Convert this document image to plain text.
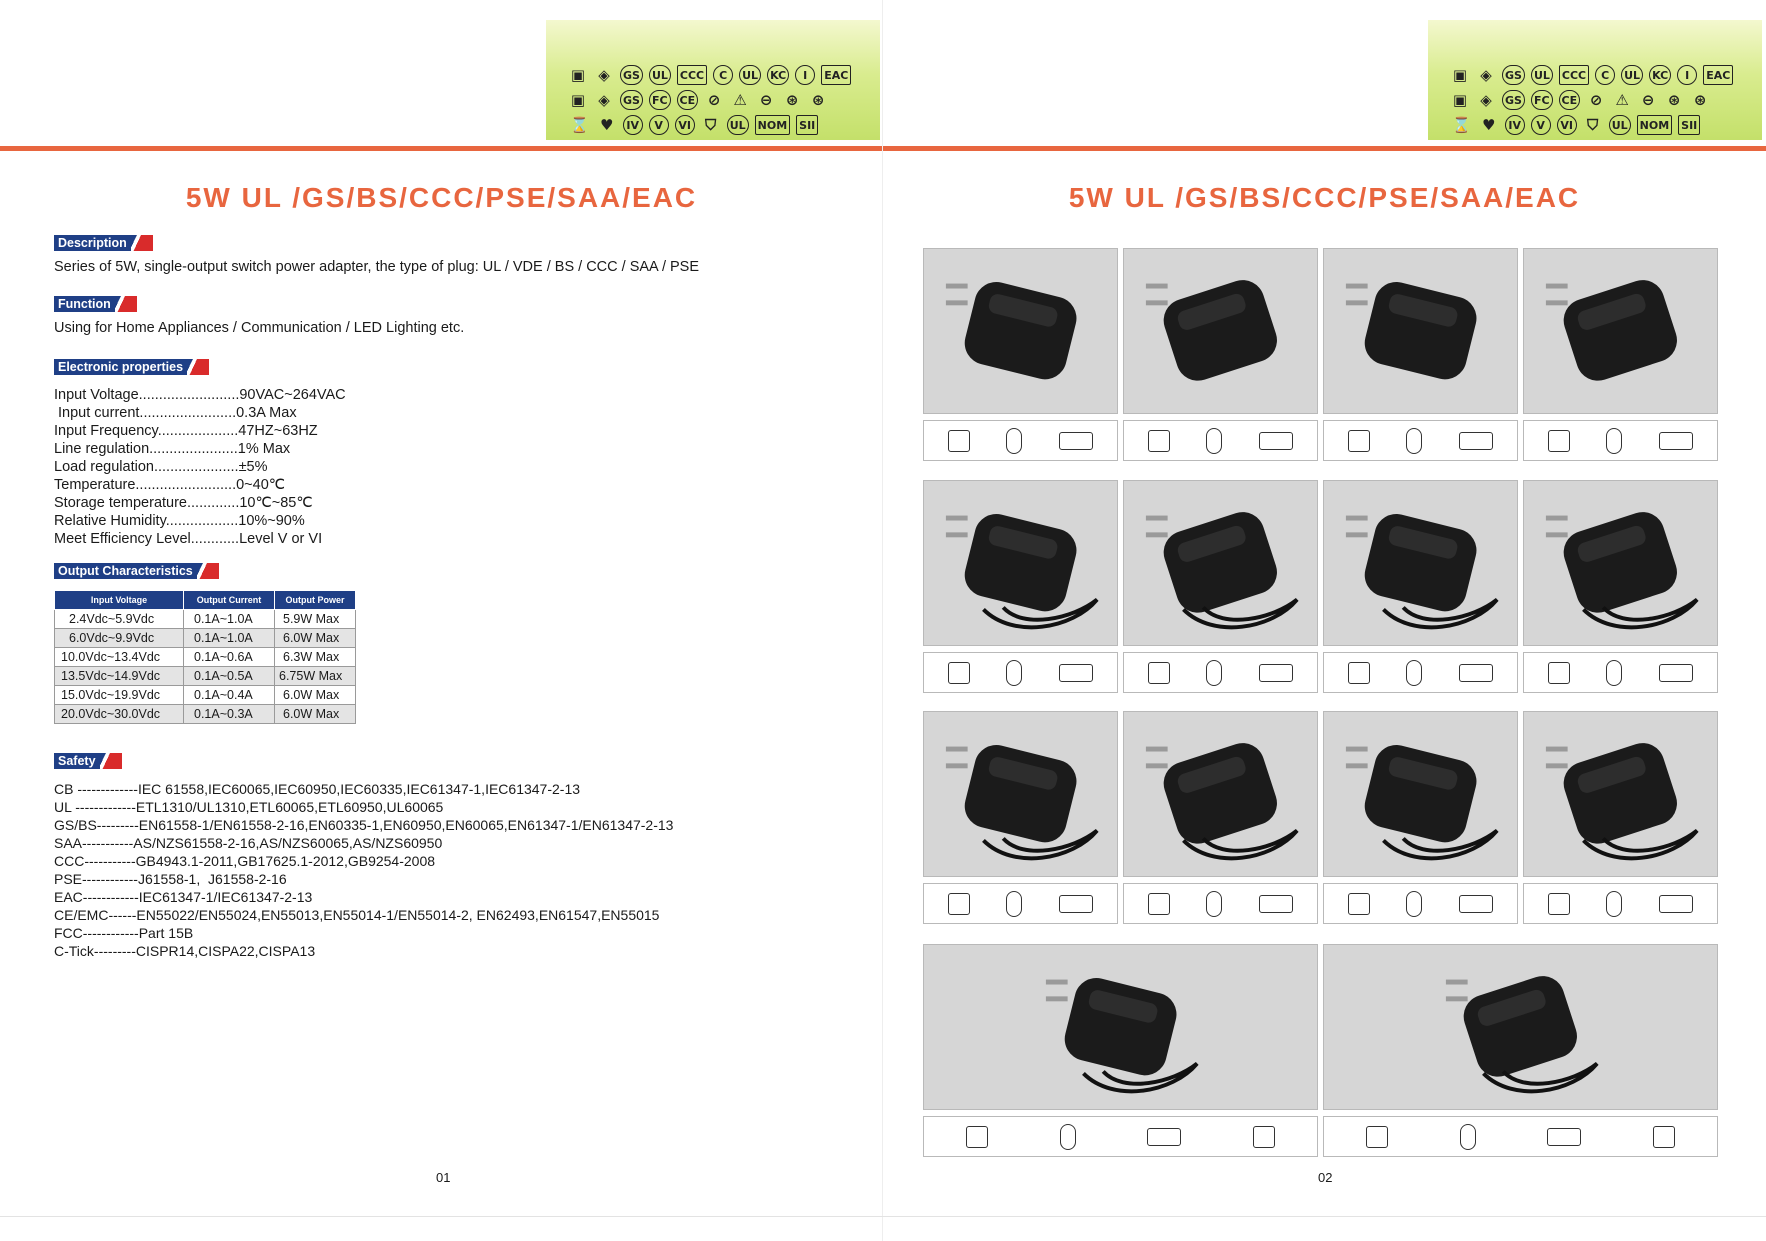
▣ ◈	GS UL CCC	C	UL KC	I	EAC
▣ ◈	GS FC CE ⊘ ⚠ ⊖ ⊛ ⊛
⌛ ♥	IV	V	VI ⛉	UL NOM SII
5W UL /GS/BS/CCC/PSE/SAA/EAC
Description
Series of 5W, single-output switch power adapter, the type of plug: UL / VDE / BS / CCC / SAA / PSE
Function
Using for Home Appliances / Communication / LED Lighting etc.
Electronic properties
Input Voltage.........................90VAC~264VAC
Input current........................0.3A Max
Input Frequency....................47HZ~63HZ
Line regulation......................1% Max
Load regulation.....................±5%
Temperature.........................0~40℃
Storage temperature.............10℃~85℃
Relative Humidity..................10%~90%
Meet Efficiency Level............Level V or VI
Output Characteristics
Input Voltage	Output Current	Output Power
2.4Vdc~5.9Vdc	0.1A~1.0A	5.9W Max
6.0Vdc~9.9Vdc	0.1A~1.0A	6.0W Max
10.0Vdc~13.4Vdc	0.1A~0.6A	6.3W Max
13.5Vdc~14.9Vdc	0.1A~0.5A	6.75W Max
15.0Vdc~19.9Vdc	0.1A~0.4A	6.0W Max
20.0Vdc~30.0Vdc	0.1A~0.3A	6.0W Max
Safety
CB -------------IEC 61558,IEC60065,IEC60950,IEC60335,IEC61347-1,IEC61347-2-13
UL -------------ETL1310/UL1310,ETL60065,ETL60950,UL60065
GS/BS---------EN61558-1/EN61558-2-16,EN60335-1,EN60950,EN60065,EN61347-1/EN61347-2-13
SAA-----------AS/NZS61558-2-16,AS/NZS60065,AS/NZS60950
CCC-----------GB4943.1-2011,GB17625.1-2012,GB9254-2008
PSE------------J61558-1,  J61558-2-16
EAC------------IEC61347-1/IEC61347-2-13
CE/EMC------EN55022/EN55024,EN55013,EN55014-1/EN55014-2, EN62493,EN61547,EN55015
FCC------------Part 15B
C-Tick---------CISPR14,CISPA22,CISPA13
01
▣ ◈	GS UL CCC	C	UL KC	I	EAC
▣ ◈	GS FC CE ⊘ ⚠ ⊖ ⊛ ⊛
⌛ ♥	IV	V	VI ⛉	UL NOM SII
5W UL /GS/BS/CCC/PSE/SAA/EAC
02
